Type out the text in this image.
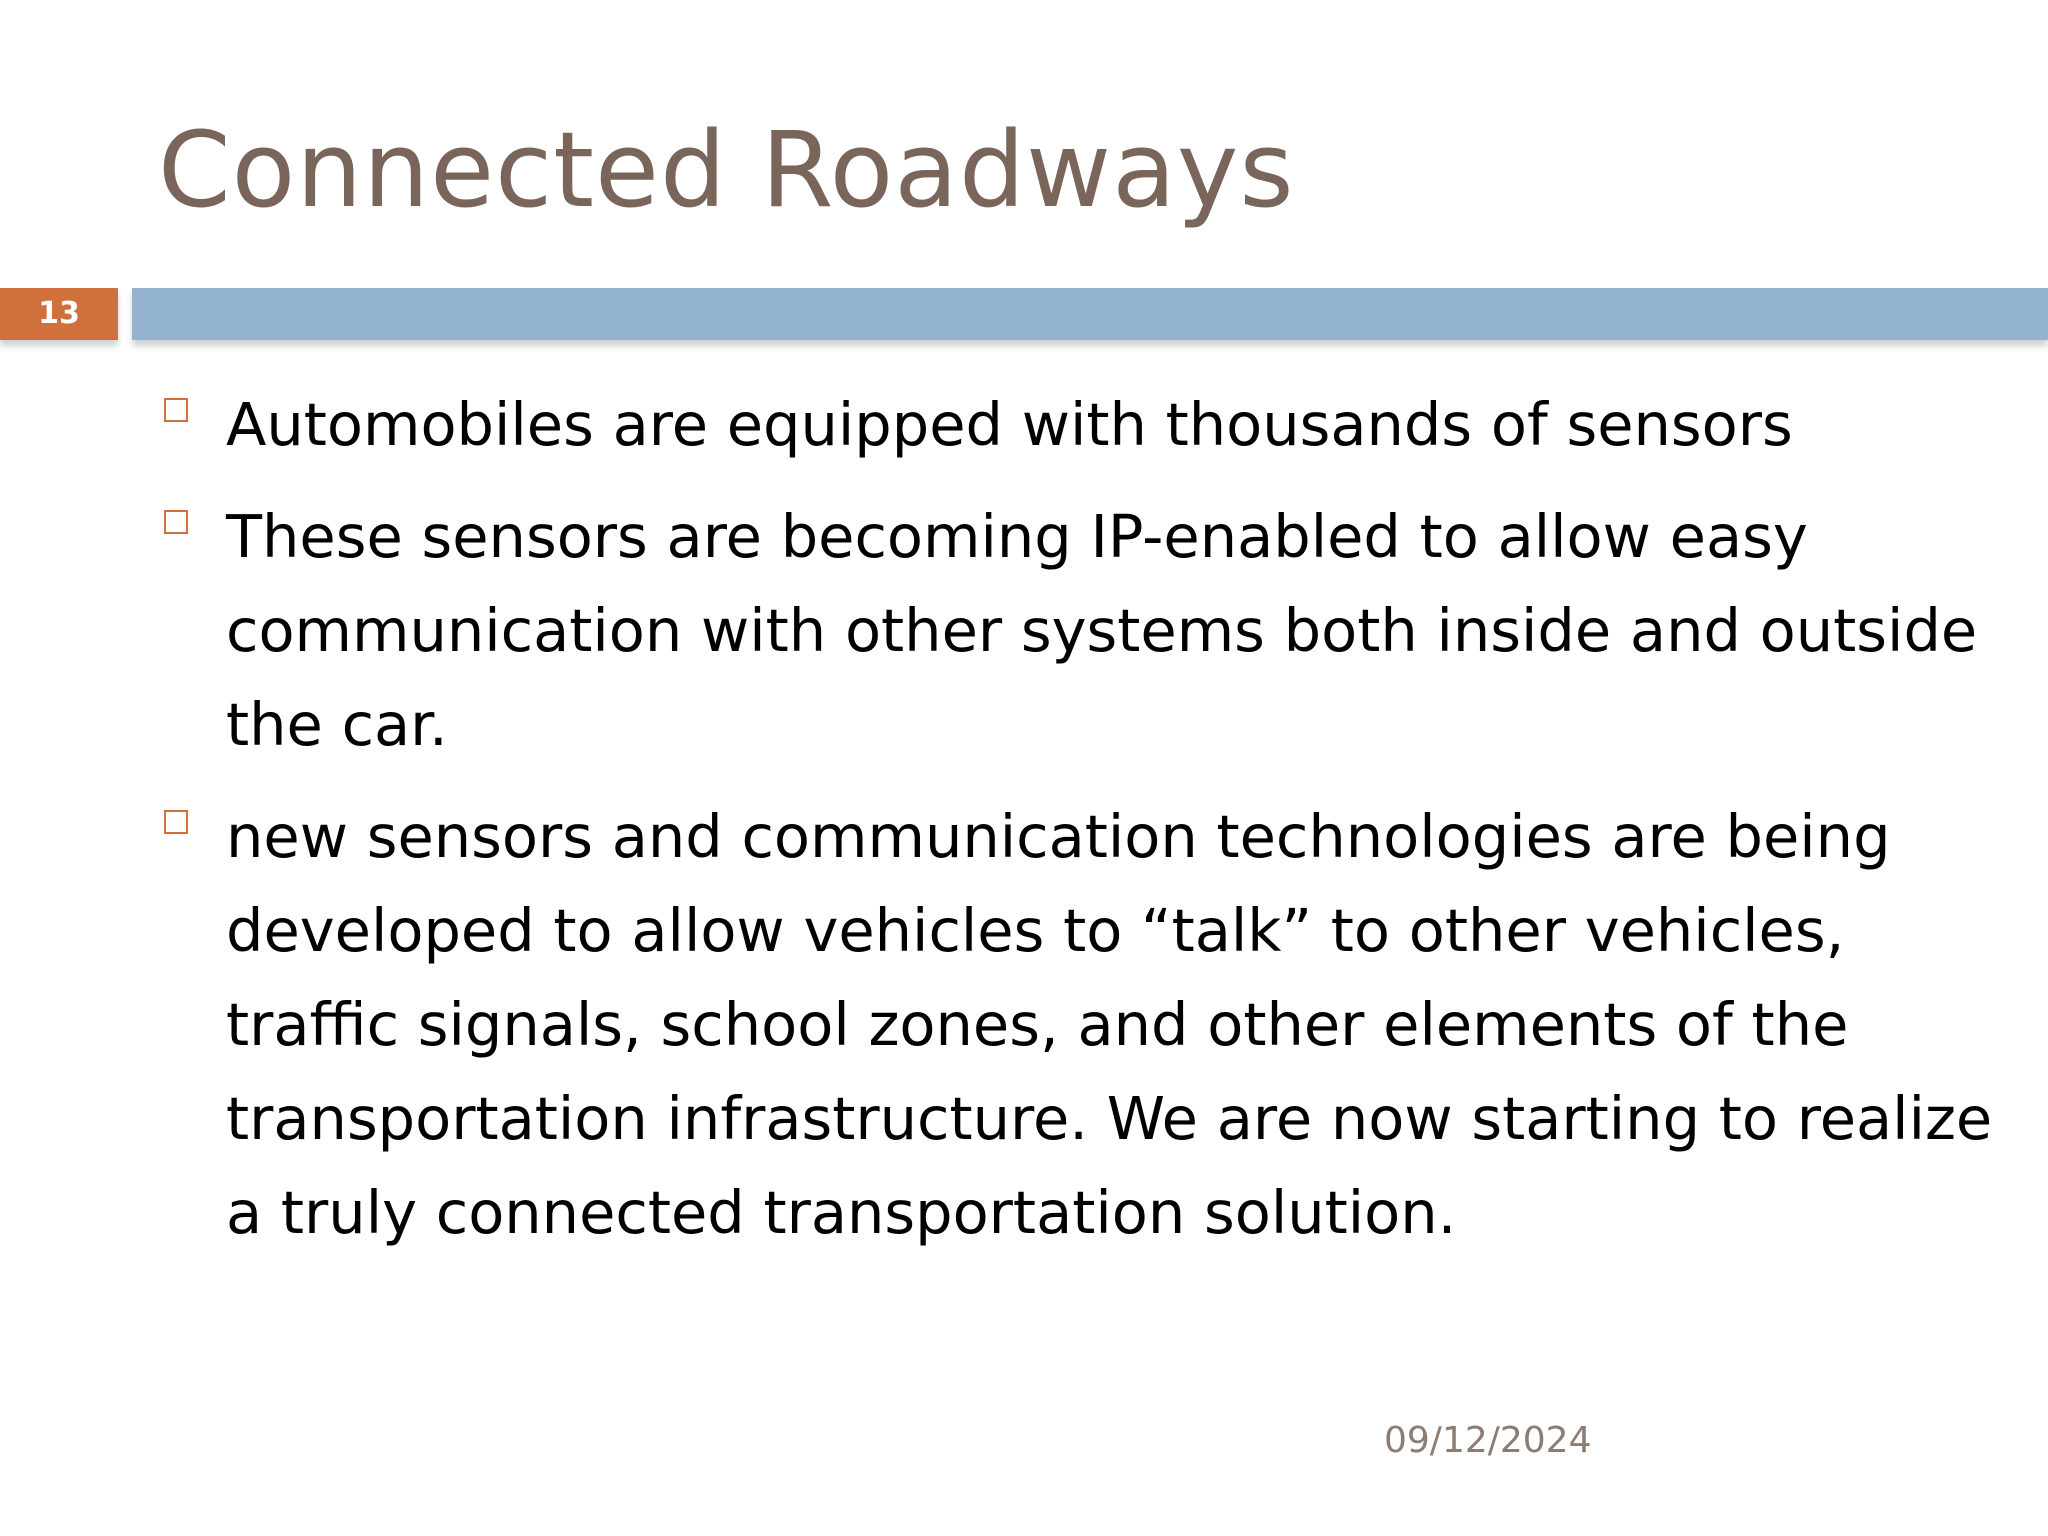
Connected Roadways
13
Automobiles are equipped with thousands of sensors
These sensors are becoming IP-enabled to allow easy communication with other systems both inside and outside the car.
new sensors and communication technologies are being developed to allow vehicles to “talk” to other vehicles, traffic signals, school zones, and other elements of the transportation infrastructure. We are now starting to realize a truly connected transportation solution.
09/12/2024
